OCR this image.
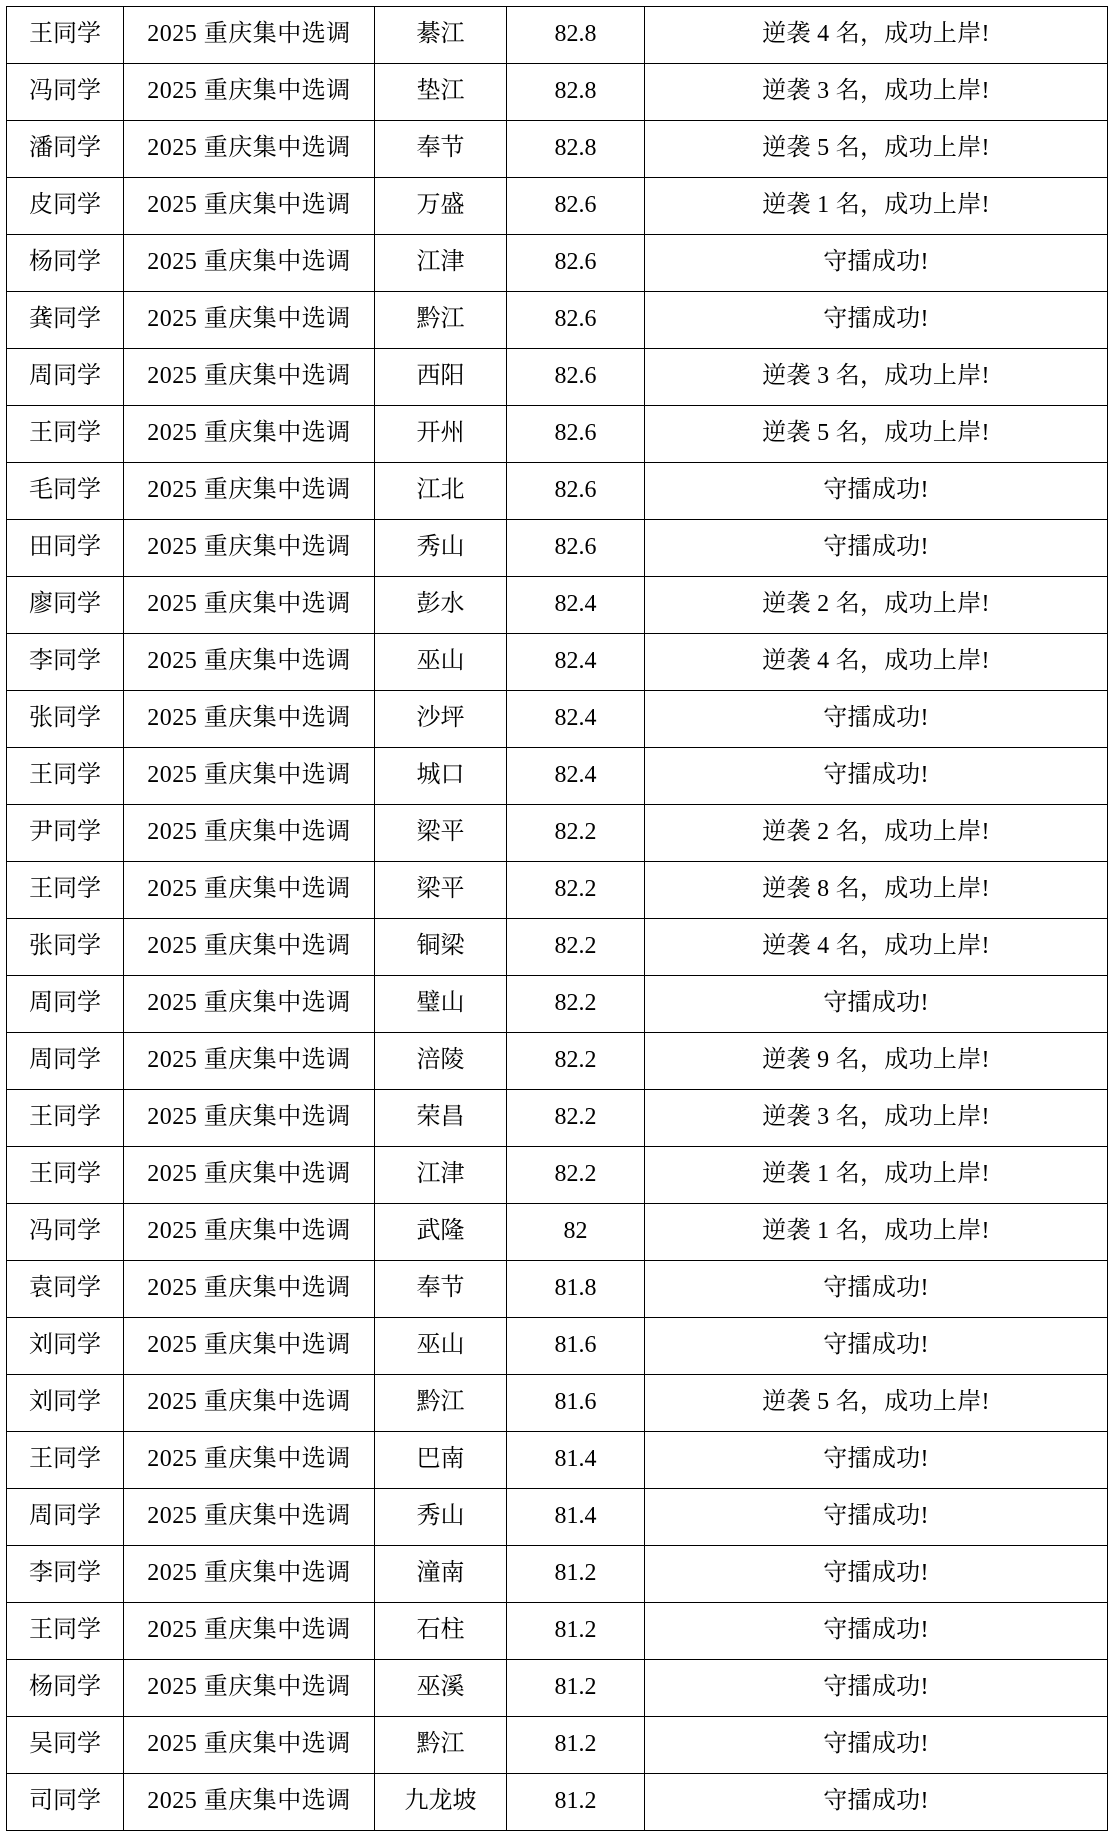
王同学	2025 重庆集中选调	綦江	82.8	逆袭 4 名，成功上岸!
冯同学	2025 重庆集中选调	垫江	82.8	逆袭 3 名，成功上岸!
潘同学	2025 重庆集中选调	奉节	82.8	逆袭 5 名，成功上岸!
皮同学	2025 重庆集中选调	万盛	82.6	逆袭 1 名，成功上岸!
杨同学	2025 重庆集中选调	江津	82.6	守擂成功!
龚同学	2025 重庆集中选调	黔江	82.6	守擂成功!
周同学	2025 重庆集中选调	西阳	82.6	逆袭 3 名，成功上岸!
王同学	2025 重庆集中选调	开州	82.6	逆袭 5 名，成功上岸!
毛同学	2025 重庆集中选调	江北	82.6	守擂成功!
田同学	2025 重庆集中选调	秀山	82.6	守擂成功!
廖同学	2025 重庆集中选调	彭水	82.4	逆袭 2 名，成功上岸!
李同学	2025 重庆集中选调	巫山	82.4	逆袭 4 名，成功上岸!
张同学	2025 重庆集中选调	沙坪	82.4	守擂成功!
王同学	2025 重庆集中选调	城口	82.4	守擂成功!
尹同学	2025 重庆集中选调	梁平	82.2	逆袭 2 名，成功上岸!
王同学	2025 重庆集中选调	梁平	82.2	逆袭 8 名，成功上岸!
张同学	2025 重庆集中选调	铜梁	82.2	逆袭 4 名，成功上岸!
周同学	2025 重庆集中选调	璧山	82.2	守擂成功!
周同学	2025 重庆集中选调	涪陵	82.2	逆袭 9 名，成功上岸!
王同学	2025 重庆集中选调	荣昌	82.2	逆袭 3 名，成功上岸!
王同学	2025 重庆集中选调	江津	82.2	逆袭 1 名，成功上岸!
冯同学	2025 重庆集中选调	武隆	82	逆袭 1 名，成功上岸!
袁同学	2025 重庆集中选调	奉节	81.8	守擂成功!
刘同学	2025 重庆集中选调	巫山	81.6	守擂成功!
刘同学	2025 重庆集中选调	黔江	81.6	逆袭 5 名，成功上岸!
王同学	2025 重庆集中选调	巴南	81.4	守擂成功!
周同学	2025 重庆集中选调	秀山	81.4	守擂成功!
李同学	2025 重庆集中选调	潼南	81.2	守擂成功!
王同学	2025 重庆集中选调	石柱	81.2	守擂成功!
杨同学	2025 重庆集中选调	巫溪	81.2	守擂成功!
吴同学	2025 重庆集中选调	黔江	81.2	守擂成功!
司同学	2025 重庆集中选调	九龙坡	81.2	守擂成功!
